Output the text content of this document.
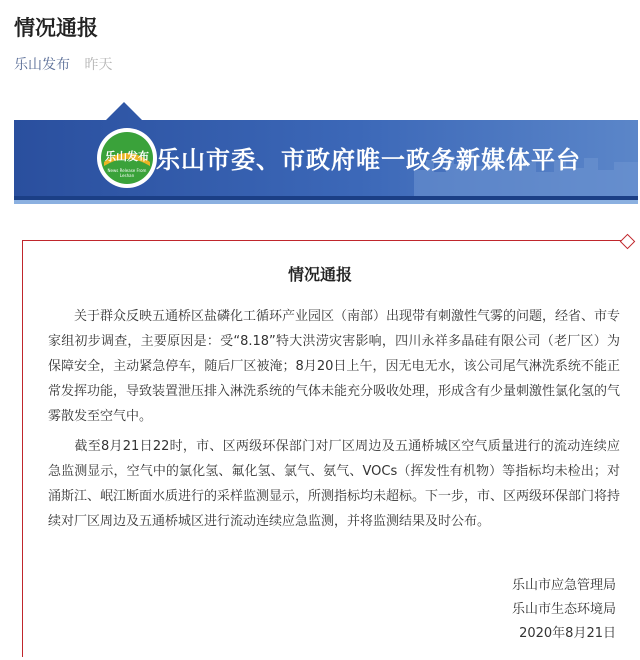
情况通报
乐山发布 昨天
乐山发布
News Release From Leshan
乐山市委、市政府唯一政务新媒体平台
情况通报

　　关于群众反映五通桥区盐磷化工循环产业园区（南部）出现带有刺激性气雾的问题，经省、市专家组初步调查，主要原因是：受“8.18”特大洪涝灾害影响，四川永祥多晶硅有限公司（老厂区）为保障安全，主动紧急停车，随后厂区被淹；8月20日上午，因无电无水，该公司尾气淋洗系统不能正常发挥功能，导致装置泄压排入淋洗系统的气体未能充分吸收处理，形成含有少量刺激性氯化氢的气雾散发至空气中。

　　截至8月21日22时，市、区两级环保部门对厂区周边及五通桥城区空气质量进行的流动连续应急监测显示，空气中的氯化氢、氟化氢、氯气、氨气、VOCs（挥发性有机物）等指标均未检出；对涌斯江、岷江断面水质进行的采样监测显示，所测指标均未超标。下一步，市、区两级环保部门将持续对厂区周边及五通桥城区进行流动连续应急监测，并将监测结果及时公布。

乐山市应急管理局
乐山市生态环境局
2020年8月21日
